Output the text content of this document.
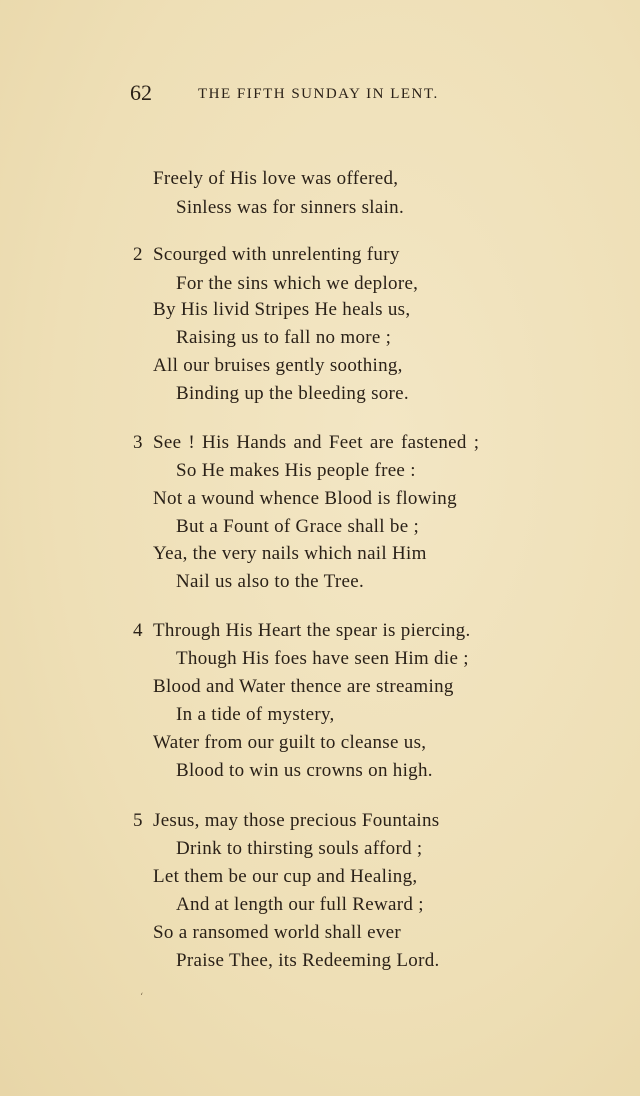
62	THE FIFTH SUNDAY IN LENT.
Freely of His love was offered,
Sinless was for sinners slain.
2 Scourged with unrelenting fury
For the sins which we deplore,
By His livid Stripes He heals us,
Raising us to fall no more ;
All our bruises gently soothing,
Binding up the bleeding sore.
3 See ! His Hands and Feet are fastened ;
So He makes His people free :
Not a wound whence Blood is flowing
But a Fount of Grace shall be ;
Yea, the very nails which nail Him
Nail us also to the Tree.
4 Through His Heart the spear is piercing.
Though His foes have seen Him die ;
Blood and Water thence are streaming
In a tide of mystery,
Water from our guilt to cleanse us,
Blood to win us crowns on high.
5 Jesus, may those precious Fountains
Drink to thirsting souls afford ;
Let them be our cup and Healing,
And at length our full Reward ;
So a ransomed world shall ever
Praise Thee, its Redeeming Lord.
‘
